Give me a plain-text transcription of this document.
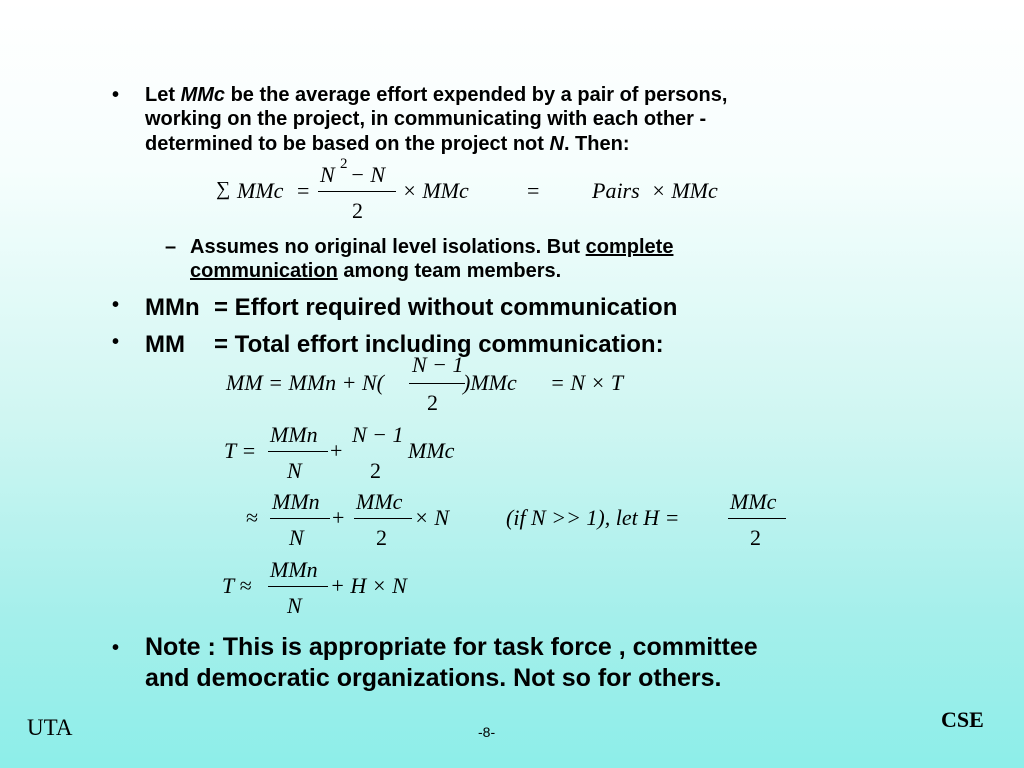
• Let MMc be the average effort expended by a pair of persons,
working on the project, in communicating with each other -
determined to be based on the project not N. Then:
∑ MMc =
N 2 − N
2
× MMc	= Pairs × MMc
– Assumes no original level isolations. But complete
communication among team members.
• MMn = Effort required without communication
• MM = Total effort including communication:
MM = MMn + N(
N − 1
2
)MMc = N × T
T =
MMn
N
+
N − 1
2
MMc
≈
MMn
N
+
MMc
2
× N	(if N >> 1), let H =
MMc
2
T ≈
MMn
N
+ H × N
• Note : This is appropriate for task force , committee
and democratic organizations. Not so for others.
UTA	-8-	CSE
